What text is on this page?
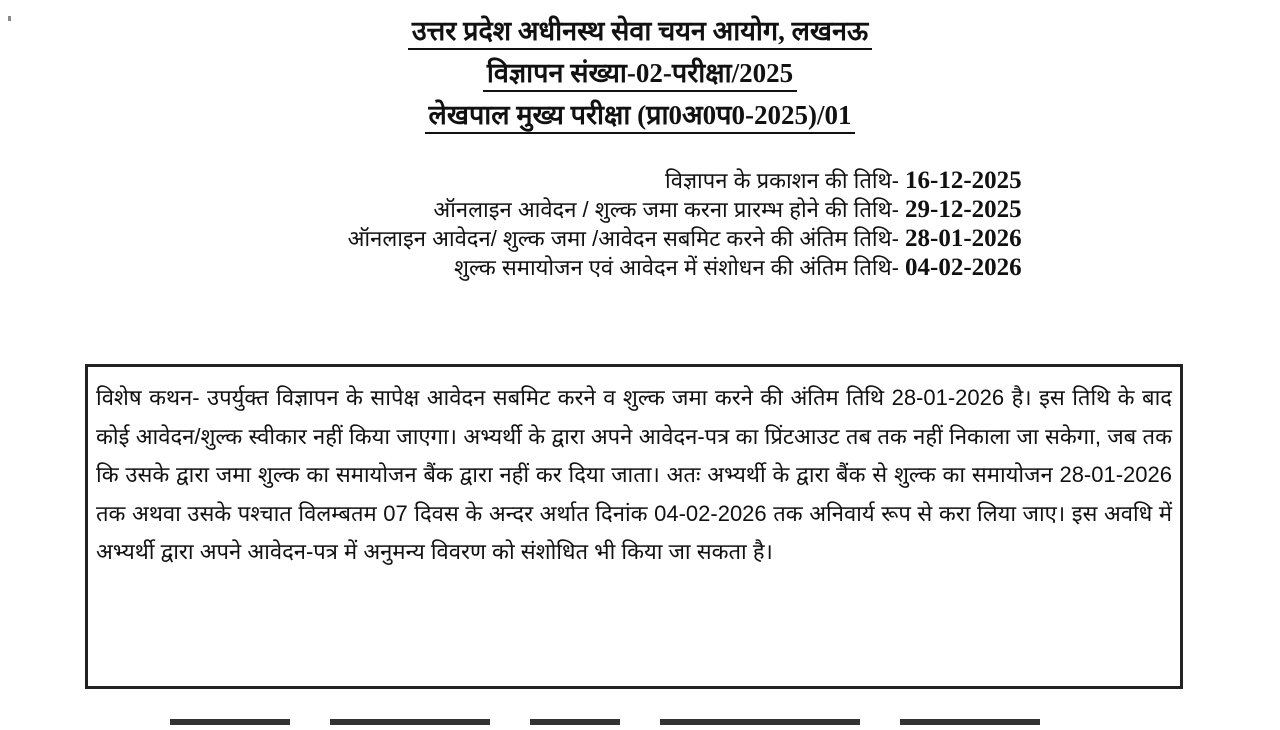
उत्तर प्रदेश अधीनस्थ सेवा चयन आयोग, लखनऊ
विज्ञापन संख्या-02-परीक्षा/2025
लेखपाल मुख्य परीक्षा (प्रा0अ0प0-2025)/01
विज्ञापन के प्रकाशन की तिथि- 16-12-2025
ऑनलाइन आवेदन / शुल्क जमा करना प्रारम्भ होने की तिथि- 29-12-2025
ऑनलाइन आवेदन/ शुल्क जमा /आवेदन सबमिट करने की अंतिम तिथि- 28-01-2026
शुल्क समायोजन एवं आवेदन में संशोधन की अंतिम तिथि- 04-02-2026

विशेष कथन- उपर्युक्त विज्ञापन के सापेक्ष आवेदन सबमिट करने व शुल्क जमा करने की अंतिम तिथि 28-01-2026 है। इस तिथि के बाद कोई आवेदन/शुल्क स्वीकार नहीं किया जाएगा। अभ्यर्थी के द्वारा अपने आवेदन-पत्र का प्रिंटआउट तब तक नहीं निकाला जा सकेगा, जब तक कि उसके द्वारा जमा शुल्क का समायोजन बैंक द्वारा नहीं कर दिया जाता। अतः अभ्यर्थी के द्वारा बैंक से शुल्क का समायोजन 28-01-2026 तक अथवा उसके पश्चात विलम्बतम 07 दिवस के अन्दर अर्थात दिनांक 04-02-2026 तक अनिवार्य रूप से करा लिया जाए। इस अवधि में अभ्यर्थी द्वारा अपने आवेदन-पत्र में अनुमन्य विवरण को संशोधित भी किया जा सकता है।
